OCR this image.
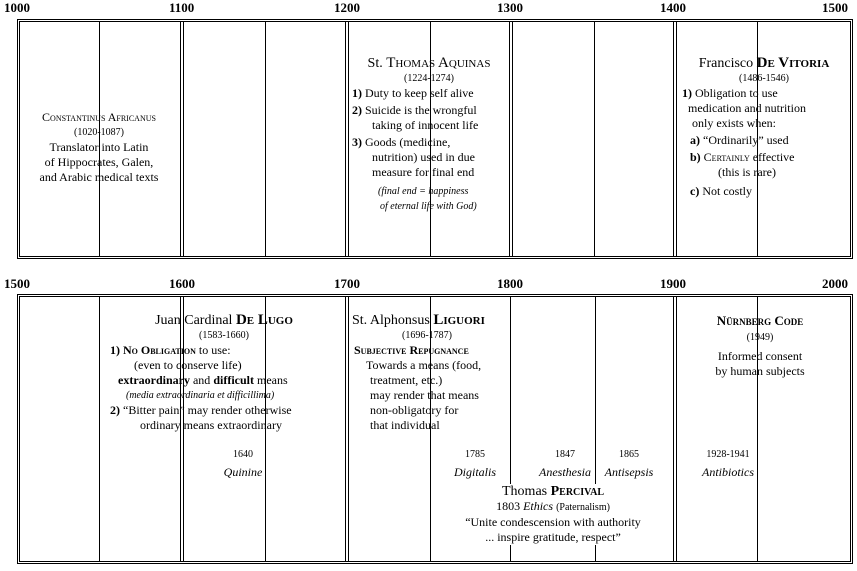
1000	1100	1200	1300	1400	1500
Constantinus Africanus
(1020-1087)
Translator into Latin
of Hippocrates, Galen,
and Arabic medical texts
St. Thomas Aquinas
(1224-1274)
1) Duty to keep self alive
2) Suicide is the wrongful
taking of innocent life
3) Goods (medicine,
nutrition) used in due
measure for final end
(final end = happiness
of eternal life with God)
Francisco De Vitoria
(1486-1546)
1) Obligation to use
medication and nutrition
only exists when:
a) “Ordinarily” used
b) Certainly effective
(this is rare)
c) Not costly
1500	1600	1700	1800	1900	2000
Juan Cardinal De Lugo
(1583-1660)
1) No Obligation to use:
(even to conserve life)
extraordinary and difficult means
(media extraordinaria et difficillima)
2) “Bitter pain” may render otherwise
ordinary means extraordinary
St. Alphonsus Liguori
(1696-1787)
Subjective Repugnance
Towards a means (food,
treatment, etc.)
may render that means
non-obligatory for
that individual
Nürnberg Code
(1949)
Informed consent
by human subjects
1640
Quinine
1785
Digitalis
1847
Anesthesia
1865
Antisepsis
1928-1941
Antibiotics
Thomas Percival
1803 Ethics (Paternalism)
“Unite condescension with authority
... inspire gratitude, respect”
